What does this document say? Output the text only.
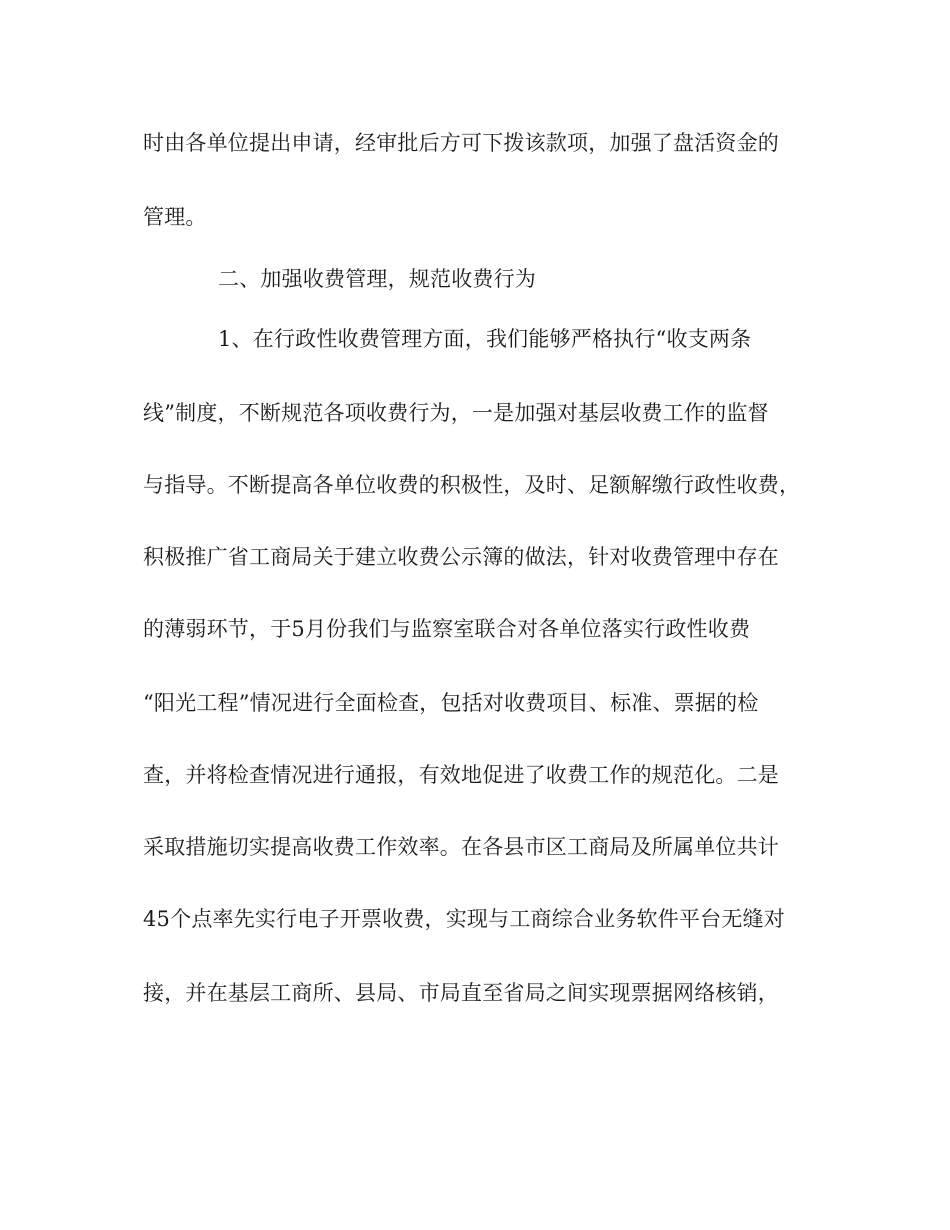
时由各单位提出申请，经审批后方可下拨该款项，加强了盘活资金的
管理。
二、加强收费管理，规范收费行为
1、在行政性收费管理方面，我们能够严格执行“收支两条
线”制度，不断规范各项收费行为，一是加强对基层收费工作的监督
与指导。不断提高各单位收费的积极性，及时、足额解缴行政性收费，
积极推广省工商局关于建立收费公示簿的做法，针对收费管理中存在
的薄弱环节，于5月份我们与监察室联合对各单位落实行政性收费
“阳光工程”情况进行全面检查，包括对收费项目、标准、票据的检
查，并将检查情况进行通报，有效地促进了收费工作的规范化。二是
采取措施切实提高收费工作效率。在各县市区工商局及所属单位共计
45个点率先实行电子开票收费，实现与工商综合业务软件平台无缝对
接，并在基层工商所、县局、市局直至省局之间实现票据网络核销，
